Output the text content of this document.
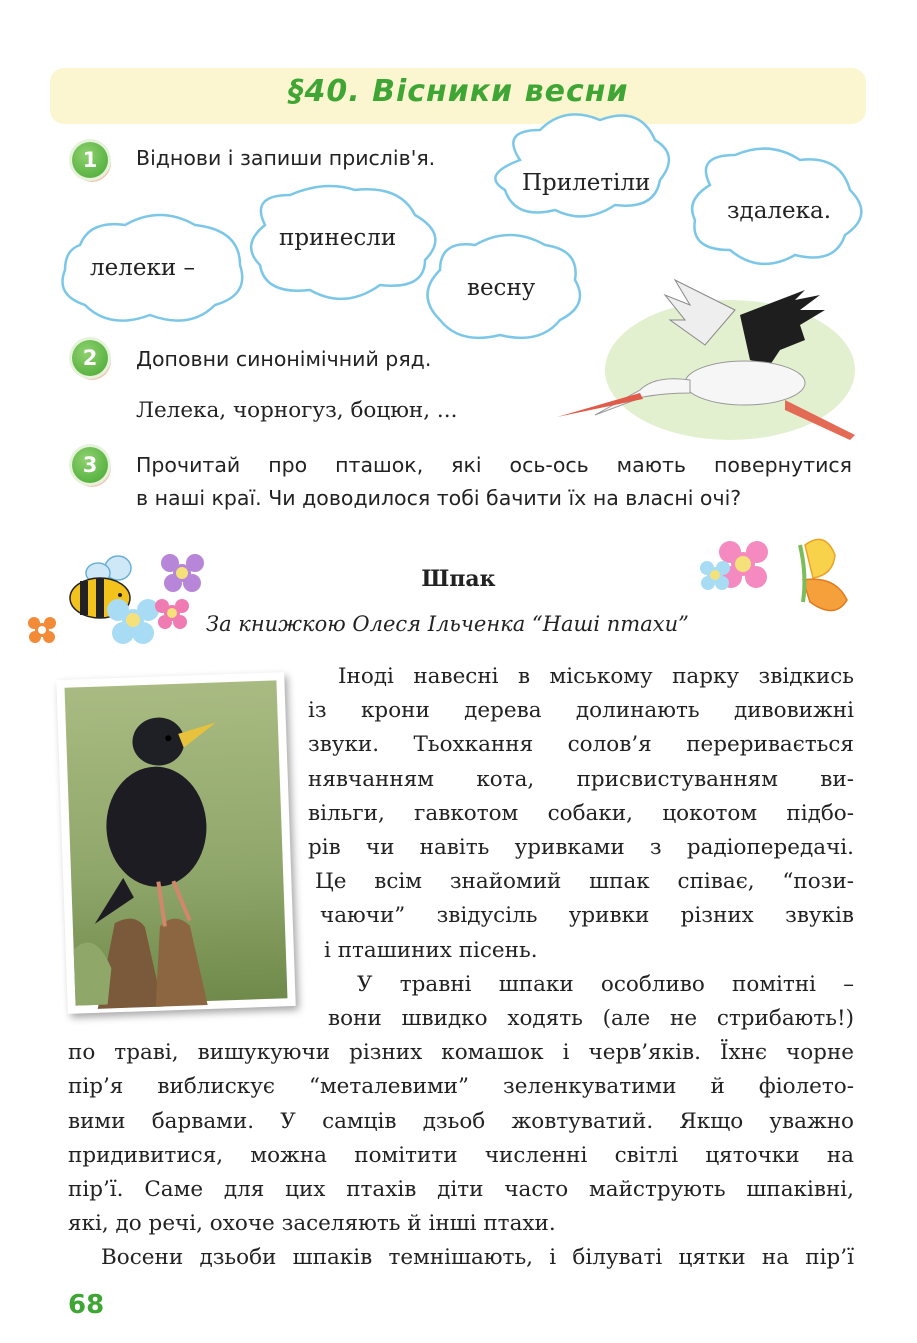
§40. Вісники весни
1	Віднови і запиши прислів'я.
Прилетіли
здалека.
принесли
лелеки –
весну
2	Доповни синонімічний ряд.
Лелека, чорногуз, боцюн, ...
3	Прочитай про пташок, які ось-ось мають повернутися
в наші краї. Чи доводилося тобі бачити їх на власні очі?
Шпак
За книжкою Олеся Ільченка “Наші птахи”
Іноді навесні в міському парку звідкись
із крони дерева долинають дивовижні
звуки. Тьохкання солов’я переривається
нявчанням кота, присвистуванням ви-
вільги, гавкотом собаки, цокотом підбо-
рів чи навіть уривками з радіопередачі.
Це всім знайомий шпак співає, “пози-
чаючи” звідусіль уривки різних звуків
і пташиних пісень.
У травні шпаки особливо помітні –
вони швидко ходять (але не стрибають!)
по траві, вишукуючи різних комашок і черв’яків. Їхнє чорне
пір’я виблискує “металевими” зеленкуватими й фіолето-
вими барвами. У самців дзьоб жовтуватий. Якщо уважно
придивитися, можна помітити численні світлі цяточки на
пір’ї. Саме для цих птахів діти часто майструють шпаківні,
які, до речі, охоче заселяють й інші птахи.
Восени дзьоби шпаків темнішають, і білуваті цятки на пір’ї
68
